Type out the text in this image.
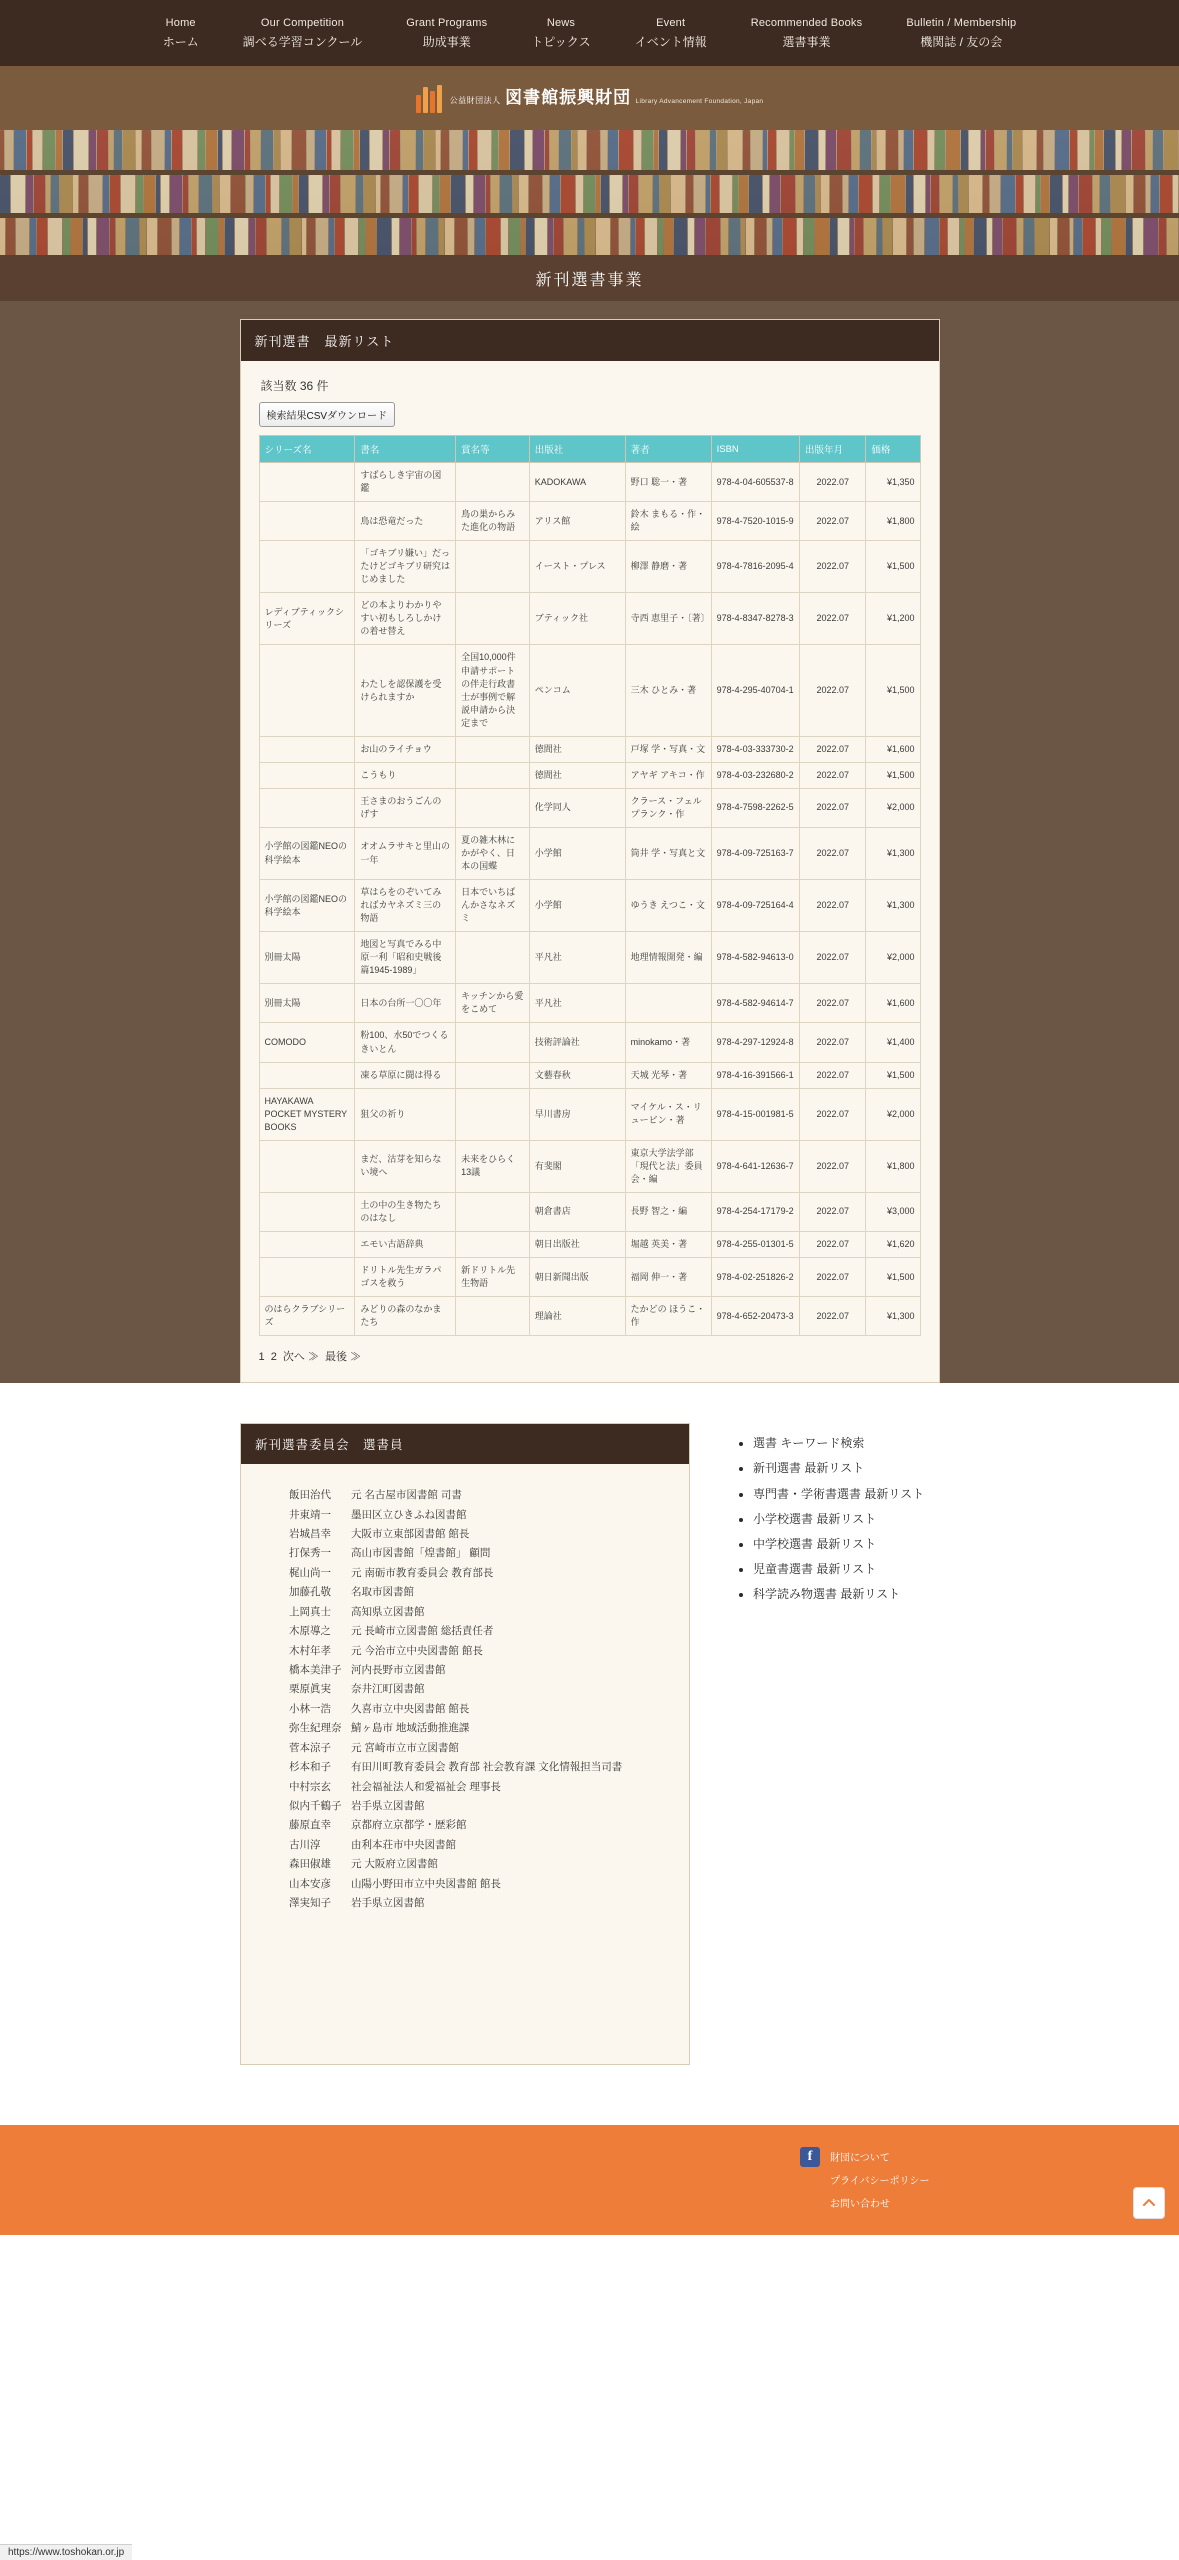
Home
ホーム
Our Competition
調べる学習コンクール
Grant Programs
助成事業
News
トピックス
Event
イベント情報
Recommended Books
選書事業
Bulletin / Membership
機関誌 / 友の会
公益財団法人 図書館振興財団 Library Advancement Foundation, Japan
新刊選書事業
新刊選書　最新リスト
該当数 36 件
検索結果CSVダウンロード
シリーズ名	書名	賞名等	出版社	著者	ISBN	出版年月	価格
	すばらしき宇宙の図鑑		KADOKAWA	野口 聡一・著	978-4-04-605537-8	2022.07	¥1,350
	鳥は恐竜だった	鳥の巣からみた進化の物語	アリス館	鈴木 まもる・作・絵	978-4-7520-1015-9	2022.07	¥1,800
	「ゴキブリ嫌い」だったけどゴキブリ研究はじめました		イースト・プレス	柳澤 静磨・著	978-4-7816-2095-4	2022.07	¥1,500
レディブティックシリーズ	どの本よりわかりやすい初もしろしかけの着せ替え		ブティック社	寺西 恵里子・〔著〕	978-4-8347-8278-3	2022.07	¥1,200
	わたしを認保護を受けられますか	全国10,000件申請サポートの伴走行政書士が事例で解説申請から決定まで	ペンコム	三木 ひとみ・著	978-4-295-40704-1	2022.07	¥1,500
	お山のライチョウ		徳間社	戸塚 学・写真・文	978-4-03-333730-2	2022.07	¥1,600
	こうもり		徳間社	アヤギ アキコ・作	978-4-03-232680-2	2022.07	¥1,500
	王さまのおうごんのげす		化学同人	クラース・フェルプランク・作	978-4-7598-2262-5	2022.07	¥2,000
小学館の図鑑NEOの科学絵本	オオムラサキと里山の一年	夏の雑木林にかがやく、日本の国蝶	小学館	筒井 学・写真と文	978-4-09-725163-7	2022.07	¥1,300
小学館の図鑑NEOの科学絵本	草はらをのぞいてみればカヤネズミ三の物語	日本でいちばんかさなネズミ	小学館	ゆうき えつこ・文	978-4-09-725164-4	2022.07	¥1,300
別冊太陽	地図と写真でみる中原一利「昭和史戦後篇1945-1989」		平凡社	地理情報開発・編	978-4-582-94613-0	2022.07	¥2,000
別冊太陽	日本の台所一〇〇年	キッチンから愛をこめて	平凡社		978-4-582-94614-7	2022.07	¥1,600
COMODO	粉100、水50でつくるきいとん		技術評論社	minokamo・著	978-4-297-12924-8	2022.07	¥1,400
	凍る草原に闘は得る		文藝春秋	天城 光琴・著	978-4-16-391566-1	2022.07	¥1,500
HAYAKAWA POCKET MYSTERY BOOKS	狙父の祈り		早川書房	マイケル・ス・リュービン・著	978-4-15-001981-5	2022.07	¥2,000
	まだ、沽芽を知らない境へ	未来をひらく13議	有斐閣	東京大学法学部「現代と法」委員会・編	978-4-641-12636-7	2022.07	¥1,800
	土の中の生き物たちのはなし		朝倉書店	長野 智之・編	978-4-254-17179-2	2022.07	¥3,000
	エモい古語辞典		朝日出版社	堀越 英美・著	978-4-255-01301-5	2022.07	¥1,620
	ドリトル先生ガラパゴスを救う	新ドリトル先生物語	朝日新聞出版	福岡 伸一・著	978-4-02-251826-2	2022.07	¥1,500
のはらクラブシリーズ	みどりの森のなかまたち		理論社	たかどの ほうこ・作	978-4-652-20473-3	2022.07	¥1,300
1 2 次へ ≫ 最後 ≫
新刊選書委員会　選書員
飯田治代 元 名古屋市図書館 司書
井東靖一 墨田区立ひきふね図書館
岩城昌幸 大阪市立東部図書館 館長
打保秀一 高山市図書館「煌書館」 顧問
梶山尚一 元 南砺市教育委員会 教育部長
加藤孔敬 名取市図書館
上岡真士 高知県立図書館
木原導之 元 長崎市立図書館 総括責任者
木村年孝 元 今治市立中央図書館 館長
橋本美津子 河内長野市立図書館
栗原眞実 奈井江町図書館
小林一浩 久喜市立中央図書館 館長
弥生紀理奈 鯖ヶ島市 地域活動推進課
菅本涼子 元 宮崎市立市立図書館
杉本和子 有田川町教育委員会 教育部 社会教育課 文化情報担当司書
中村宗玄 社会福祉法人和愛福祉会 理事長
似内千鶴子 岩手県立図書館
藤原直幸 京都府立京都学・歴彩館
古川淳	由利本荘市中央図書館
森田俶雄 元 大阪府立図書館
山本安彦 山陽小野田市立中央図書館 館長
澤実知子 岩手県立図書館
• 選書 キーワード検索
• 新刊選書 最新リスト
• 専門書・学術書選書 最新リスト
• 小学校選書 最新リスト
• 中学校選書 最新リスト
• 児童書選書 最新リスト
• 科学読み物選書 最新リスト
f	財団について
プライバシーポリシー
お問い合わせ
https://www.toshokan.or.jp
